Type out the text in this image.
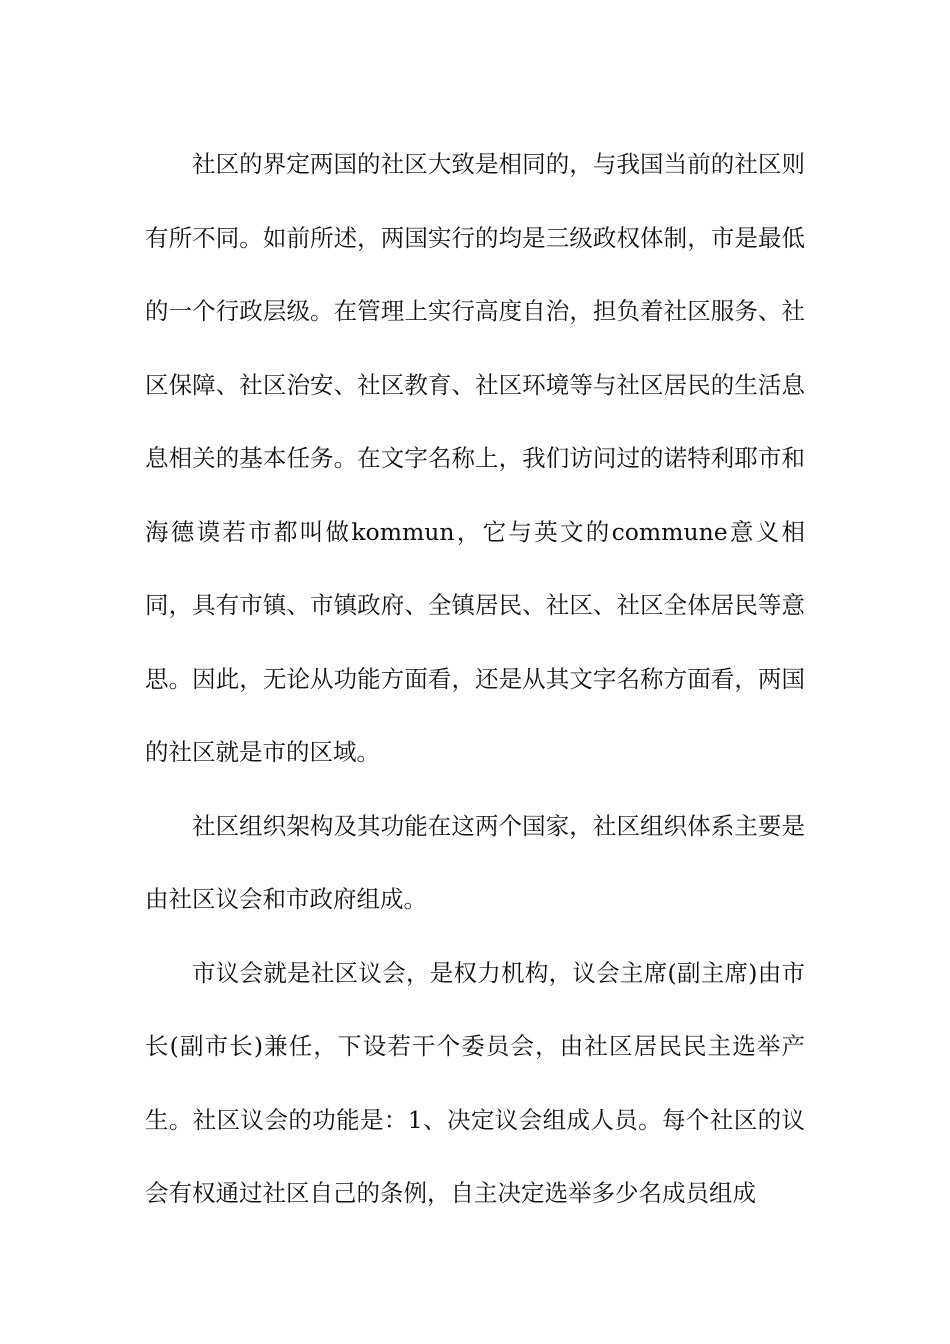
社区的界定两国的社区大致是相同的，与我国当前的社区则有所不同。如前所述，两国实行的均是三级政权体制，市是最低的一个行政层级。在管理上实行高度自治，担负着社区服务、社区保障、社区治安、社区教育、社区环境等与社区居民的生活息息相关的基本任务。在文字名称上，我们访问过的诺特利耶市和海德谟若市都叫做kommun，它与英文的commune意义相同，具有市镇、市镇政府、全镇居民、社区、社区全体居民等意思。因此，无论从功能方面看，还是从其文字名称方面看，两国的社区就是市的区域。

社区组织架构及其功能在这两个国家，社区组织体系主要是由社区议会和市政府组成。

市议会就是社区议会，是权力机构，议会主席(副主席)由市长(副市长)兼任，下设若干个委员会，由社区居民民主选举产生。社区议会的功能是：1、决定议会组成人员。每个社区的议会有权通过社区自己的条例，自主决定选举多少名成员组成
